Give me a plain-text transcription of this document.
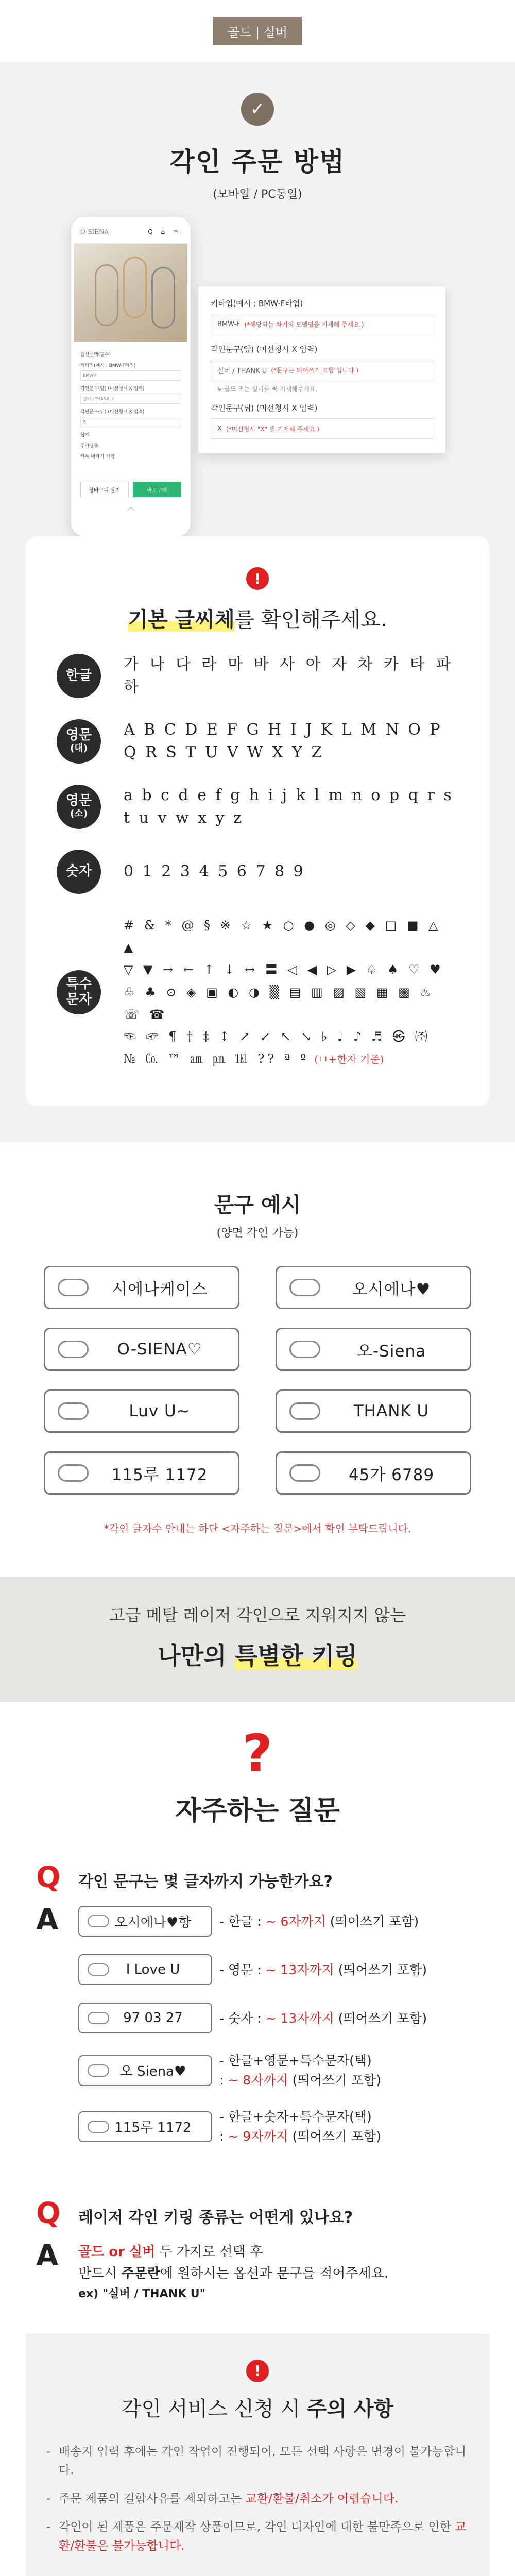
골드 | 실버
✓
각인 주문 방법
(모바일 / PC동일)
O-SIENA	Q ⌂ ≡
옵션선택(필수)
키타입(예시 : BMW-F타입)
BMW-F
각인문구(앞) (미선청시 X 입력)
실버 / THANK U
각인문구(뒤) (미선청시 X 입력)
X
합계
추가상품
카톡 메타기 키링
장바구니 담기	바로구매
︿
키타입(예시 : BMW-F타입)
BMW-F (*해당되는 차키의 모델명을 기재해 주세요.)
각인문구(앞) (미선청시 X 입력)
실버 / THANK U (*문구는 띄어쓰기 포함 입니다.)
↳ 골드 또는 실버를 꼭 기재해주세요.
각인문구(뒤) (미선청시 X 입력)
X (*미선청시 "X" 를 기재해 주세요.)
!
기본 글씨체를 확인해주세요.
한글
가 나 다 라 마 바 사 아 자 차 카 타 파 하
영문
(대)
A B C D E F G H I J K L M N O P Q R S T U V W X Y Z
영문
(소)
a b c d e f g h i j k l m n o p q r s t u v w x y z
숫자 0 1 2 3 4 5 6 7 8 9
특수
문자
# & * @ § ※ ☆ ★ ○ ● ◎ ◇ ◆ □ ■ △ ▲
▽ ▼ → ← ↑ ↓ ↔ 〓 ◁ ◀ ▷ ▶ ♤ ♠ ♡ ♥
♧ ♣ ⊙ ◈ ▣ ◐ ◑ ▒ ▤ ▥ ▨ ▧ ▦ ▩ ♨ ☏ ☎
☜ ☞ ¶ † ‡ ↕ ↗ ↙ ↖ ↘ ♭ ♩ ♪ ♬ ㉿ ㈜
№ ㏇ ™ ㏂ ㏘ ℡ ?? ª º (ㅁ+한자 기준)
문구 예시
(양면 각인 가능)
시에나케이스	오시에나♥
O-SIENA♡	오-Siena
Luv U~	THANK U
115루 1172	45가 6789
*각인 글자수 안내는 하단 <자주하는 질문>에서 확인 부탁드립니다.
고급 메탈 레이저 각인으로 지워지지 않는
나만의 특별한 키링
?
자주하는 질문
Q	각인 문구는 몇 글자까지 가능한가요?
A	오시에나♥항 - 한글 : ~ 6자까지 (띄어쓰기 포함)
I Love U	- 영문 : ~ 13자까지 (띄어쓰기 포함)
97 03 27	- 숫자 : ~ 13자까지 (띄어쓰기 포함)
오 Siena♥
- 한글+영문+특수문자(택)
: ~ 8자까지 (띄어쓰기 포함)
115루 1172
- 한글+숫자+특수문자(택)
: ~ 9자까지 (띄어쓰기 포함)
Q	레이저 각인 키링 종류는 어떤게 있나요?
A	골드 or 실버 두 가지로 선택 후
반드시 주문란에 원하시는 옵션과 문구를 적어주세요.
ex) "실버 / THANK U"
!
각인 서비스 신청 시 주의 사항
- 배송지 입력 후에는 각인 작업이 진행되어, 모든 선택 사항은 변경이 불가능합니다.
- 주문 제품의 결함사유를 제외하고는 교환/환불/취소가 어렵습니다.
- 각인이 된 제품은 주문제작 상품이므로, 각인 디자인에 대한 불만족으로 인한 교환/환불은 불가능합니다.
